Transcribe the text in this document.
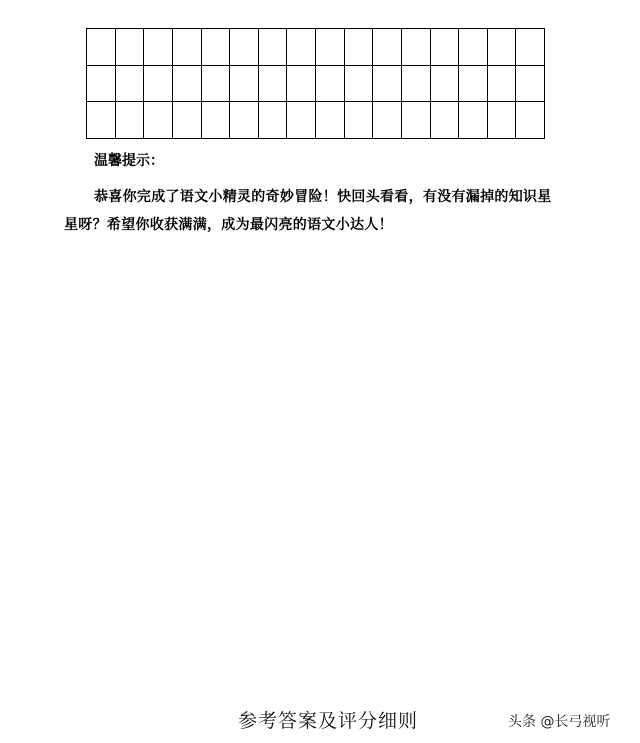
温馨提示：
恭喜你完成了语文小精灵的奇妙冒险！快回头看看，有没有漏掉的知识星
星呀？希望你收获满满，成为最闪亮的语文小达人！
参考答案及评分细则	头条 @长弓视听
